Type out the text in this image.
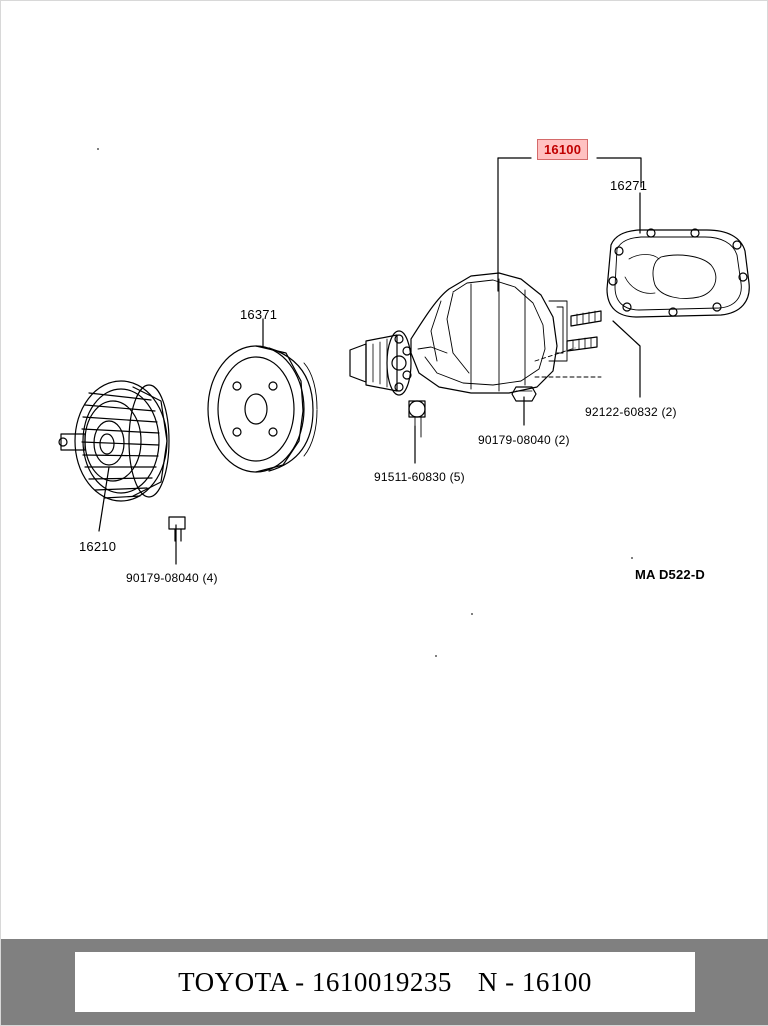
16100
16271
16371
16210
92122-60832 (2)
90179-08040 (2)
91511-60830 (5)
90179-08040 (4)	MA D522-D
TOYOTA - 1610019235 N - 16100
